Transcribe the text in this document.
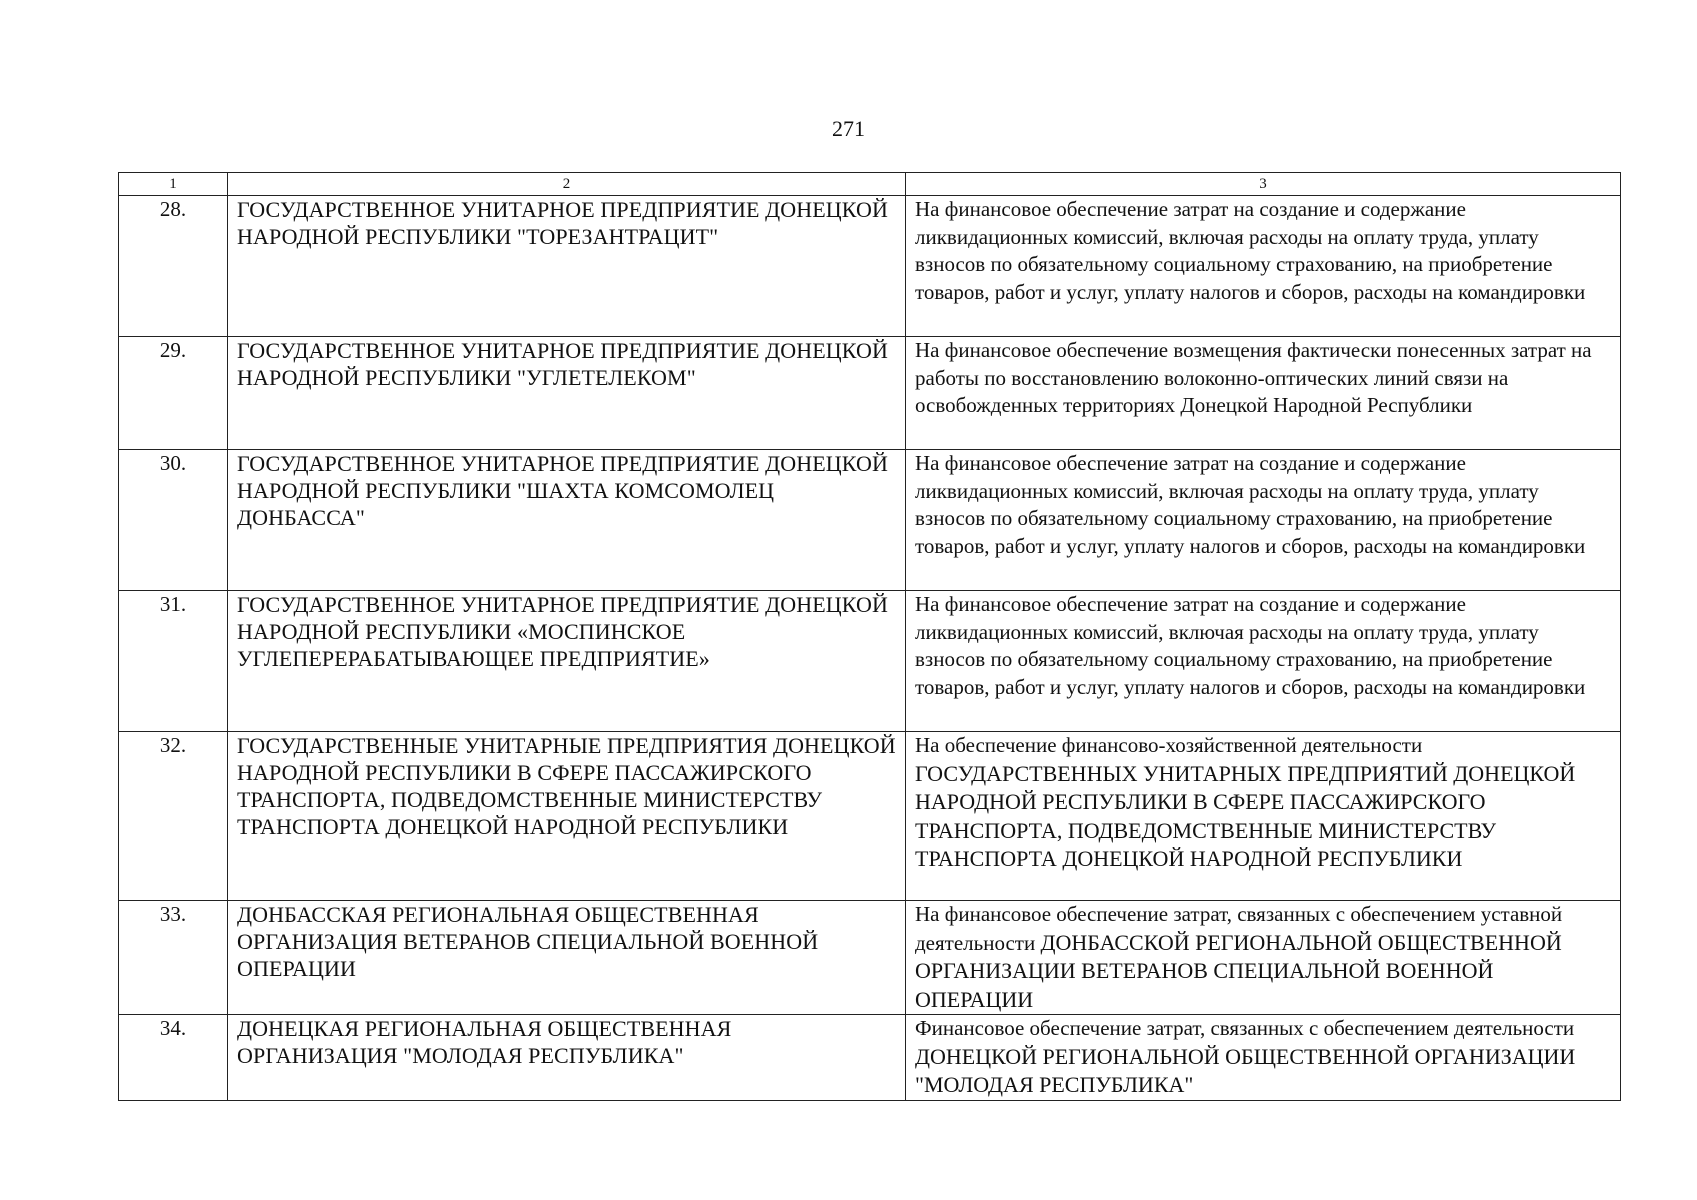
271
1	2	3
28.	ГОСУДАРСТВЕННОЕ УНИТАРНОЕ ПРЕДПРИЯТИЕ ДОНЕЦКОЙ НАРОДНОЙ РЕСПУБЛИКИ "ТОРЕЗАНТРАЦИТ"	На финансовое обеспечение затрат на создание и содержание ликвидационных комиссий, включая расходы на оплату труда, уплату взносов по обязательному социальному страхованию, на приобретение товаров, работ и услуг, уплату налогов и сборов, расходы на командировки
29.	ГОСУДАРСТВЕННОЕ УНИТАРНОЕ ПРЕДПРИЯТИЕ ДОНЕЦКОЙ НАРОДНОЙ РЕСПУБЛИКИ "УГЛЕТЕЛЕКОМ"	На финансовое обеспечение возмещения фактически понесенных затрат на работы по восстановлению волоконно-оптических линий связи на освобожденных территориях Донецкой Народной Республики
30.	ГОСУДАРСТВЕННОЕ УНИТАРНОЕ ПРЕДПРИЯТИЕ ДОНЕЦКОЙ НАРОДНОЙ РЕСПУБЛИКИ "ШАХТА КОМСОМОЛЕЦ ДОНБАССА"	На финансовое обеспечение затрат на создание и содержание ликвидационных комиссий, включая расходы на оплату труда, уплату взносов по обязательному социальному страхованию, на приобретение товаров, работ и услуг, уплату налогов и сборов, расходы на командировки
31.	ГОСУДАРСТВЕННОЕ УНИТАРНОЕ ПРЕДПРИЯТИЕ ДОНЕЦКОЙ НАРОДНОЙ РЕСПУБЛИКИ «МОСПИНСКОЕ УГЛЕПЕРЕРАБАТЫВАЮЩЕЕ ПРЕДПРИЯТИЕ»	На финансовое обеспечение затрат на создание и содержание ликвидационных комиссий, включая расходы на оплату труда, уплату взносов по обязательному социальному страхованию, на приобретение товаров, работ и услуг, уплату налогов и сборов, расходы на командировки
32.	ГОСУДАРСТВЕННЫЕ УНИТАРНЫЕ ПРЕДПРИЯТИЯ ДОНЕЦКОЙ НАРОДНОЙ РЕСПУБЛИКИ В СФЕРЕ ПАССАЖИРСКОГО ТРАНСПОРТА, ПОДВЕДОМСТВЕННЫЕ МИНИСТЕРСТВУ ТРАНСПОРТА ДОНЕЦКОЙ НАРОДНОЙ РЕСПУБЛИКИ	На обеспечение финансово-хозяйственной деятельности ГОСУДАРСТВЕННЫХ УНИТАРНЫХ ПРЕДПРИЯТИЙ ДОНЕЦКОЙ НАРОДНОЙ РЕСПУБЛИКИ В СФЕРЕ ПАССАЖИРСКОГО ТРАНСПОРТА, ПОДВЕДОМСТВЕННЫЕ МИНИСТЕРСТВУ ТРАНСПОРТА ДОНЕЦКОЙ НАРОДНОЙ РЕСПУБЛИКИ
33.	ДОНБАССКАЯ РЕГИОНАЛЬНАЯ ОБЩЕСТВЕННАЯ ОРГАНИЗАЦИЯ ВЕТЕРАНОВ СПЕЦИАЛЬНОЙ ВОЕННОЙ ОПЕРАЦИИ	На финансовое обеспечение затрат, связанных с обеспечением уставной деятельности ДОНБАССКОЙ РЕГИОНАЛЬНОЙ ОБЩЕСТВЕННОЙ ОРГАНИЗАЦИИ ВЕТЕРАНОВ СПЕЦИАЛЬНОЙ ВОЕННОЙ ОПЕРАЦИИ
34.	ДОНЕЦКАЯ РЕГИОНАЛЬНАЯ ОБЩЕСТВЕННАЯ ОРГАНИЗАЦИЯ "МОЛОДАЯ РЕСПУБЛИКА"	Финансовое обеспечение затрат, связанных с обеспечением деятельности ДОНЕЦКОЙ РЕГИОНАЛЬНОЙ ОБЩЕСТВЕННОЙ ОРГАНИЗАЦИИ "МОЛОДАЯ РЕСПУБЛИКА"
